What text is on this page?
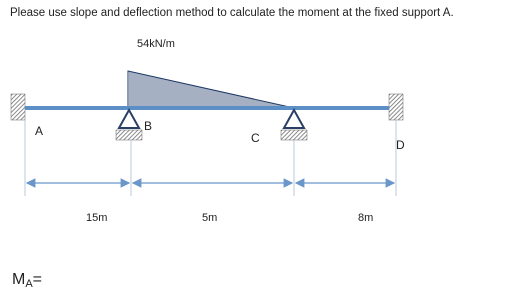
Please use slope and deflection method to calculate the moment at the fixed support A.
54kN/m
A	B
C	D
15m	5m	8m
$M_A=$
